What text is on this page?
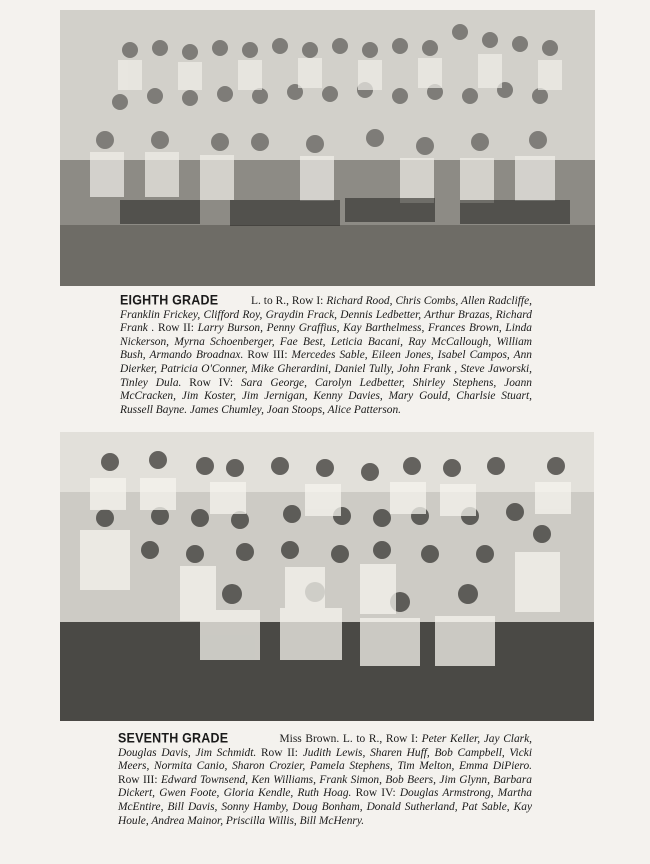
EIGHTH GRADE	L. to R., Row I: Richard Rood, Chris Combs, Allen Radcliffe, Franklin Frickey, Clifford Roy, Graydin Frack, Dennis Ledbetter, Arthur Brazas, Richard Frank . Row II: Larry Burson, Penny Graffius, Kay Barthelmess, Frances Brown, Linda Nickerson, Myrna Schoenberger, Fae Best, Leticia Bacani, Ray McCallough, William Bush, Armando Broadnax. Row III: Mercedes Sable, Eileen Jones, Isabel Campos, Ann Dierker, Patricia O'Conner, Mike Gherardini, Daniel Tully, John Frank , Steve Jaworski, Tinley Dula. Row IV: Sara George, Carolyn Ledbetter, Shirley Stephens, Joann McCracken, Jim Koster, Jim Jernigan, Kenny Davies, Mary Gould, Charlsie Stuart, Russell Bayne. James Chumley, Joan Stoops, Alice Patterson.
SEVENTH GRADE	Miss Brown. L. to R., Row I: Peter Keller, Jay Clark, Douglas Davis, Jim Schmidt. Row II: Judith Lewis, Sharen Huff, Bob Campbell, Vicki Meers, Normita Canio, Sharon Crozier, Pamela Stephens, Tim Melton, Emma DiPiero. Row III: Edward Townsend, Ken Williams, Frank Simon, Bob Beers, Jim Glynn, Barbara Dickert, Gwen Foote, Gloria Kendle, Ruth Hoag. Row IV: Douglas Armstrong, Martha McEntire, Bill Davis, Sonny Hamby, Doug Bonham, Donald Sutherland, Pat Sable, Kay Houle, Andrea Mainor, Priscilla Willis, Bill McHenry.
